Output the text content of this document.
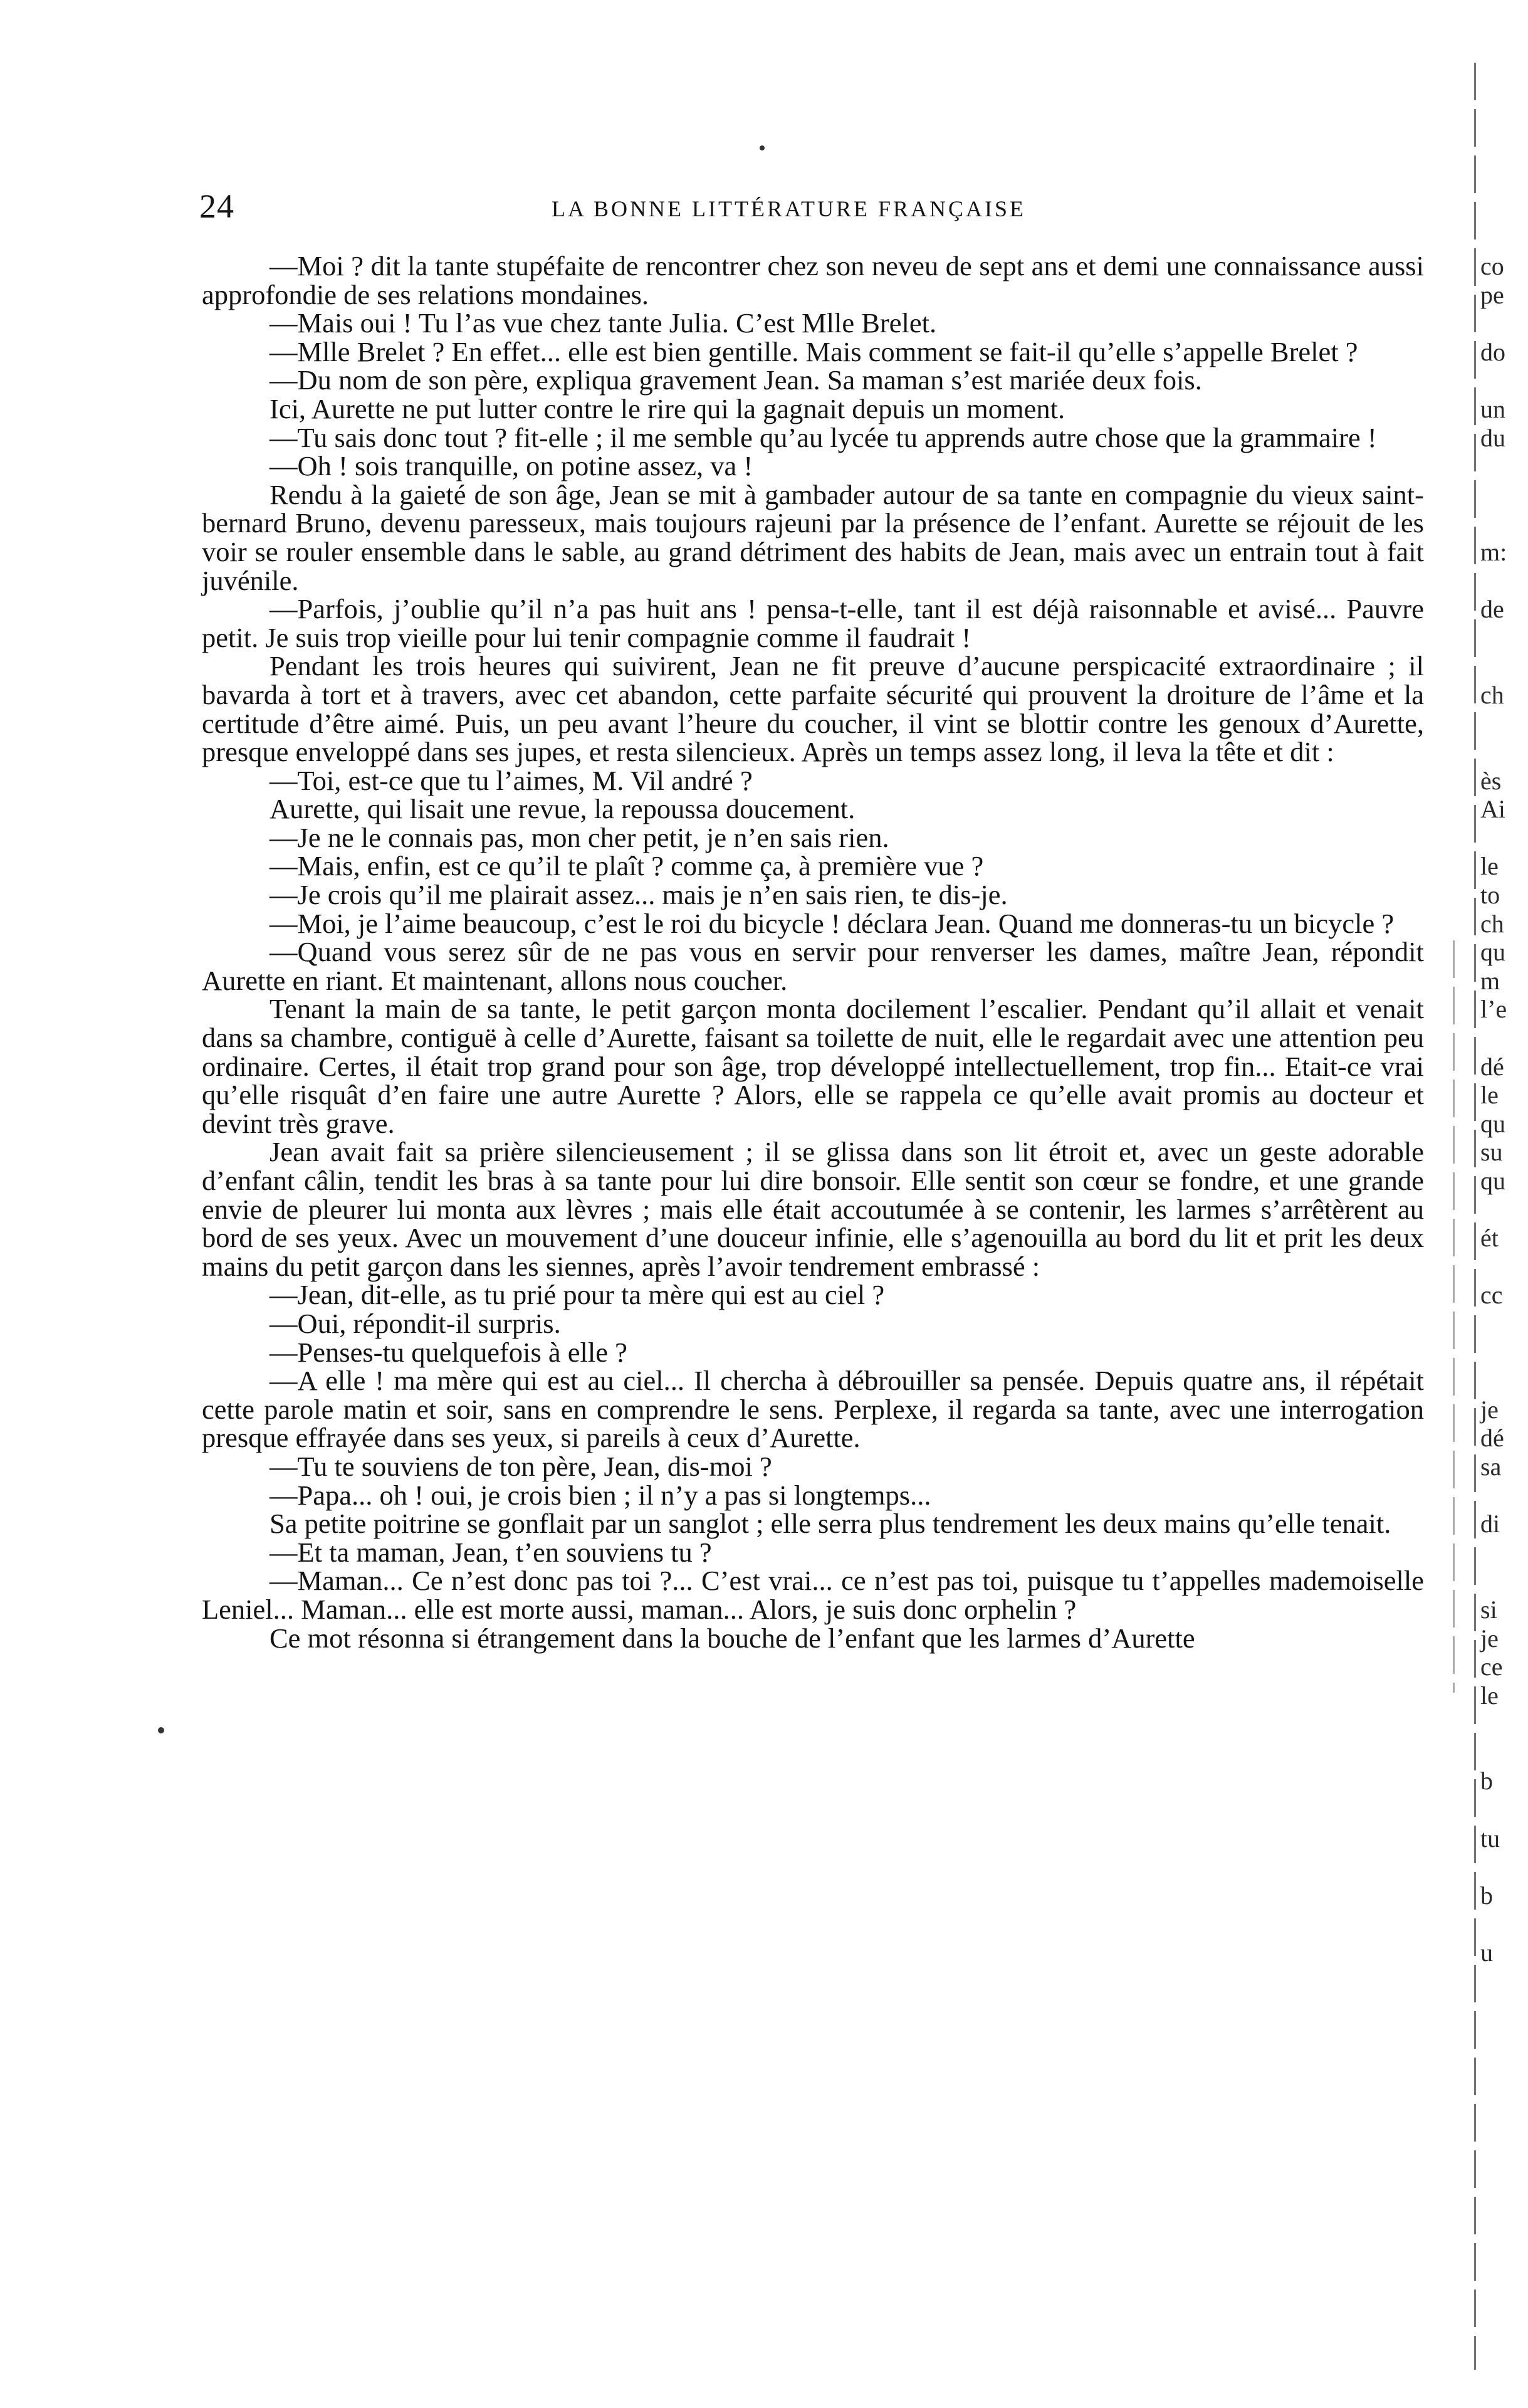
24	LA BONNE LITTÉRATURE FRANÇAISE

—Moi ? dit la tante stupéfaite de rencontrer chez son neveu de sept ans et demi une connaissance aussi approfondie de ses relations mondaines.

—Mais oui ! Tu l’as vue chez tante Julia. C’est Mlle Brelet.

—Mlle Brelet ? En effet... elle est bien gentille. Mais comment se fait-il qu’elle s’appelle Brelet ?

—Du nom de son père, expliqua gravement Jean. Sa maman s’est mariée deux fois.

Ici, Aurette ne put lutter contre le rire qui la gagnait depuis un moment.

—Tu sais donc tout ? fit-elle ; il me semble qu’au lycée tu apprends autre chose que la grammaire !

—Oh ! sois tranquille, on potine assez, va !

Rendu à la gaieté de son âge, Jean se mit à gambader autour de sa tante en compagnie du vieux saint-bernard Bruno, devenu paresseux, mais toujours rajeuni par la présence de l’enfant. Aurette se réjouit de les voir se rouler ensemble dans le sable, au grand détriment des habits de Jean, mais avec un entrain tout à fait juvénile.

—Parfois, j’oublie qu’il n’a pas huit ans ! pensa-t-elle, tant il est déjà raisonnable et avisé... Pauvre petit. Je suis trop vieille pour lui tenir compagnie comme il faudrait !

Pendant les trois heures qui suivirent, Jean ne fit preuve d’aucune perspicacité extraordinaire ; il bavarda à tort et à travers, avec cet abandon, cette parfaite sécurité qui prouvent la droiture de l’âme et la certitude d’être aimé. Puis, un peu avant l’heure du coucher, il vint se blottir contre les genoux d’Aurette, presque enveloppé dans ses jupes, et resta silencieux. Après un temps assez long, il leva la tête et dit :

—Toi, est-ce que tu l’aimes, M. Vil andré ?

Aurette, qui lisait une revue, la repoussa doucement.

—Je ne le connais pas, mon cher petit, je n’en sais rien.

—Mais, enfin, est ce qu’il te plaît ? comme ça, à première vue ?

—Je crois qu’il me plairait assez... mais je n’en sais rien, te dis-je.

—Moi, je l’aime beaucoup, c’est le roi du bicycle ! déclara Jean. Quand me donneras-tu un bicycle ?

—Quand vous serez sûr de ne pas vous en servir pour renverser les dames, maître Jean, répondit Aurette en riant. Et maintenant, allons nous coucher.

Tenant la main de sa tante, le petit garçon monta docilement l’escalier. Pendant qu’il allait et venait dans sa chambre, contiguë à celle d’Aurette, faisant sa toilette de nuit, elle le regardait avec une attention peu ordinaire. Certes, il était trop grand pour son âge, trop développé intellectuellement, trop fin... Etait-ce vrai qu’elle risquât d’en faire une autre Aurette ? Alors, elle se rappela ce qu’elle avait promis au docteur et devint très grave.

Jean avait fait sa prière silencieusement ; il se glissa dans son lit étroit et, avec un geste adorable d’enfant câlin, tendit les bras à sa tante pour lui dire bonsoir. Elle sentit son cœur se fondre, et une grande envie de pleurer lui monta aux lèvres ; mais elle était accoutumée à se contenir, les larmes s’arrêtèrent au bord de ses yeux. Avec un mouvement d’une douceur infinie, elle s’agenouilla au bord du lit et prit les deux mains du petit garçon dans les siennes, après l’avoir tendrement embrassé :

—Jean, dit-elle, as tu prié pour ta mère qui est au ciel ?

—Oui, répondit-il surpris.

—Penses-tu quelquefois à elle ?

—A elle ! ma mère qui est au ciel... Il chercha à débrouiller sa pensée. Depuis quatre ans, il répétait cette parole matin et soir, sans en comprendre le sens. Perplexe, il regarda sa tante, avec une interrogation presque effrayée dans ses yeux, si pareils à ceux d’Aurette.

—Tu te souviens de ton père, Jean, dis-moi ?

—Papa... oh ! oui, je crois bien ; il n’y a pas si longtemps...

Sa petite poitrine se gonflait par un sanglot ; elle serra plus tendrement les deux mains qu’elle tenait.

—Et ta maman, Jean, t’en souviens tu ?

—Maman... Ce n’est donc pas toi ?... C’est vrai... ce n’est pas toi, puisque tu t’appelles mademoiselle Leniel... Maman... elle est morte aussi, maman... Alors, je suis donc orphelin ?

Ce mot résonna si étrangement dans la bouche de l’enfant que les larmes d’Aurette

co
pe
do
un
du
m:
de
ch
ès
Ai
le
to
ch
qu
m
l’e
dé
le
qu
su
qu
ét
cc
je
dé
sa
di
si
je
ce
le
b
tu
b
u
